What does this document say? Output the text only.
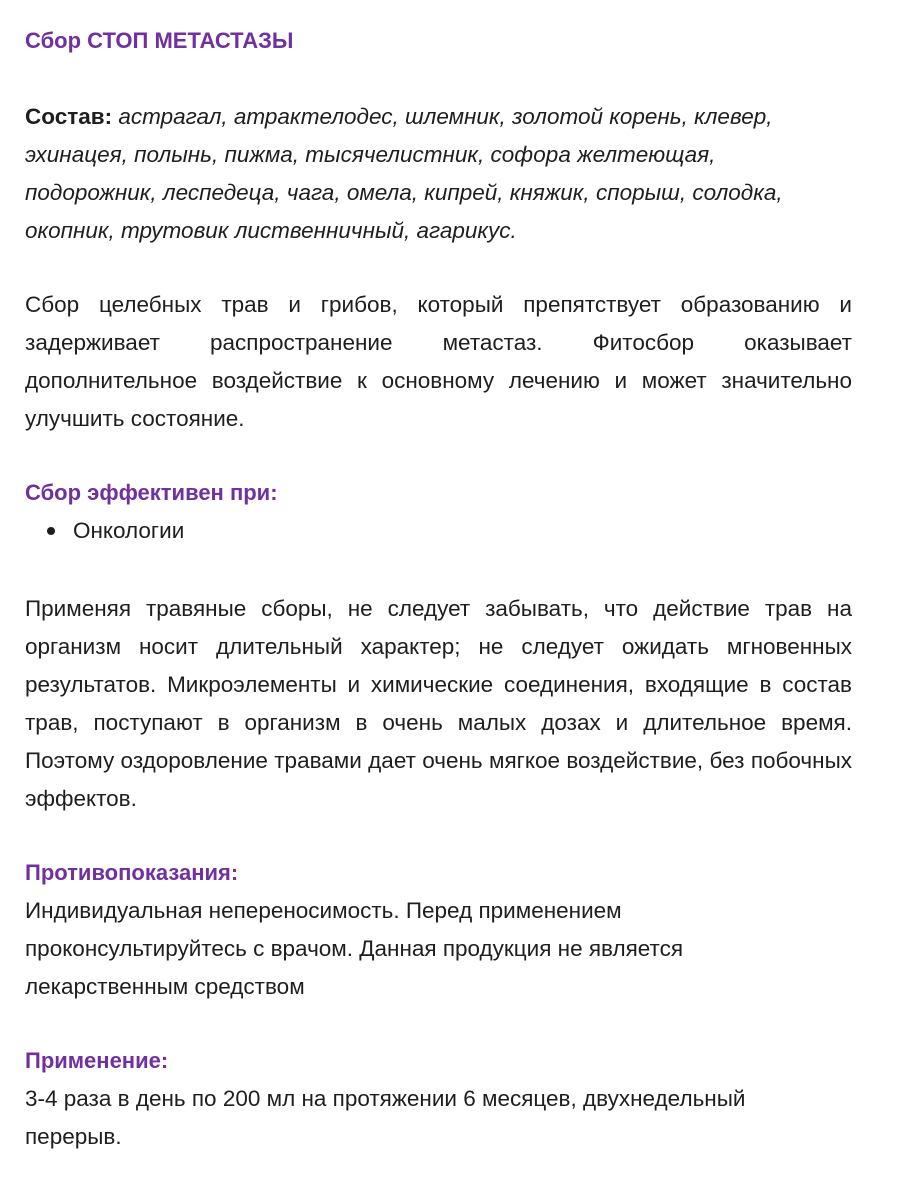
Сбор СТОП МЕТАСТАЗЫ

Состав: астрагал, атрактелодес, шлемник, золотой корень, клевер, эхинацея, полынь, пижма, тысячелистник, софора желтеющая, подорожник, леспедеца, чага, омела, кипрей, княжик, спорыш, солодка, окопник, трутовик лиственничный, агарикус.

Сбор целебных трав и грибов, который препятствует образованию и задерживает распространение метастаз. Фитосбор оказывает дополнительное воздействие к основному лечению и может значительно улучшить состояние.

Сбор эффективен при:
Онкологии

Применяя травяные сборы, не следует забывать, что действие трав на организм носит длительный характер; не следует ожидать мгновенных результатов. Микроэлементы и химические соединения, входящие в состав трав, поступают в организм в очень малых дозах и длительное время. Поэтому оздоровление травами дает очень мягкое воздействие, без побочных эффектов.

Противопоказания:

Индивидуальная непереносимость. Перед применением проконсультируйтесь с врачом. Данная продукция не является лекарственным средством

Применение:

3-4 раза в день по 200 мл на протяжении 6 месяцев, двухнедельный перерыв.
